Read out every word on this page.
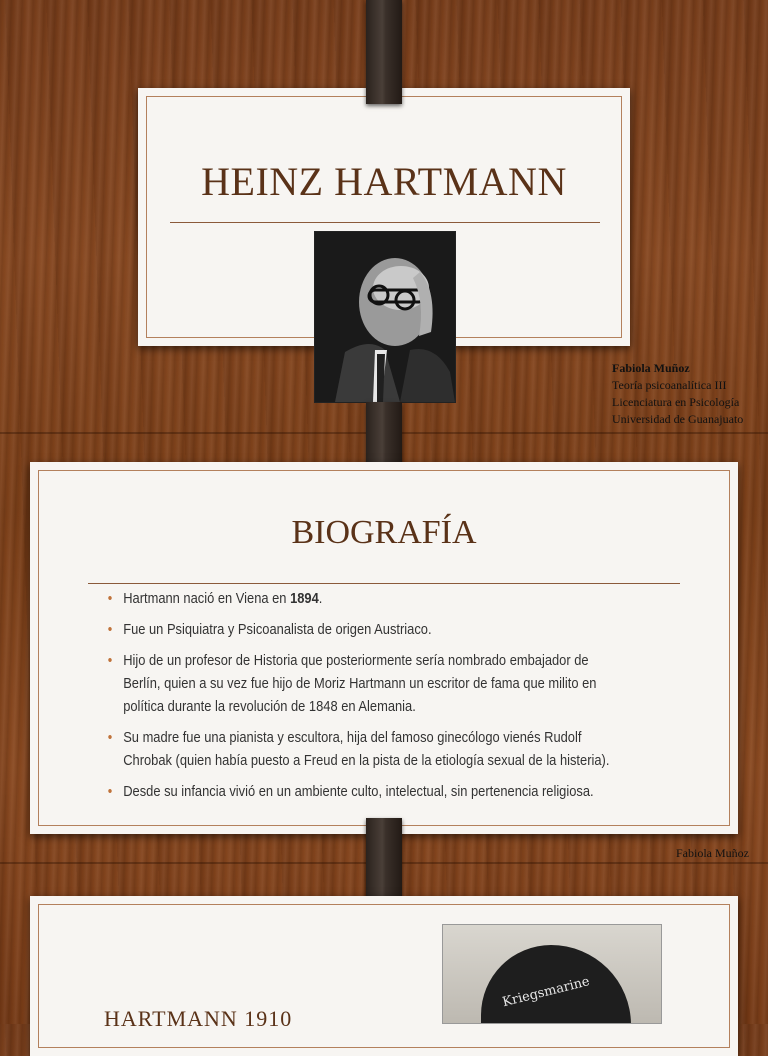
HEINZ HARTMANN
Fabiola Muñoz
Teoría psicoanalítica III
Licenciatura en Psicología
Universidad de Guanajuato
BIOGRAFÍA
• Hartmann nació en Viena en 1894.
• Fue un Psiquiatra y Psicoanalista de origen Austriaco.
• Hijo de un profesor de Historia que posteriormente sería nombrado embajador de Berlín, quien a su vez fue hijo de Moriz Hartmann un escritor de fama que milito en política durante la revolución de 1848 en Alemania.
• Su madre fue una pianista y escultora, hija del famoso ginecólogo vienés Rudolf Chrobak (quien había puesto a Freud en la pista de la etiología sexual de la histeria).
• Desde su infancia vivió en un ambiente culto, intelectual, sin pertenencia religiosa.
Fabiola Muñoz
HARTMANN 1910
Kriegsmarine
